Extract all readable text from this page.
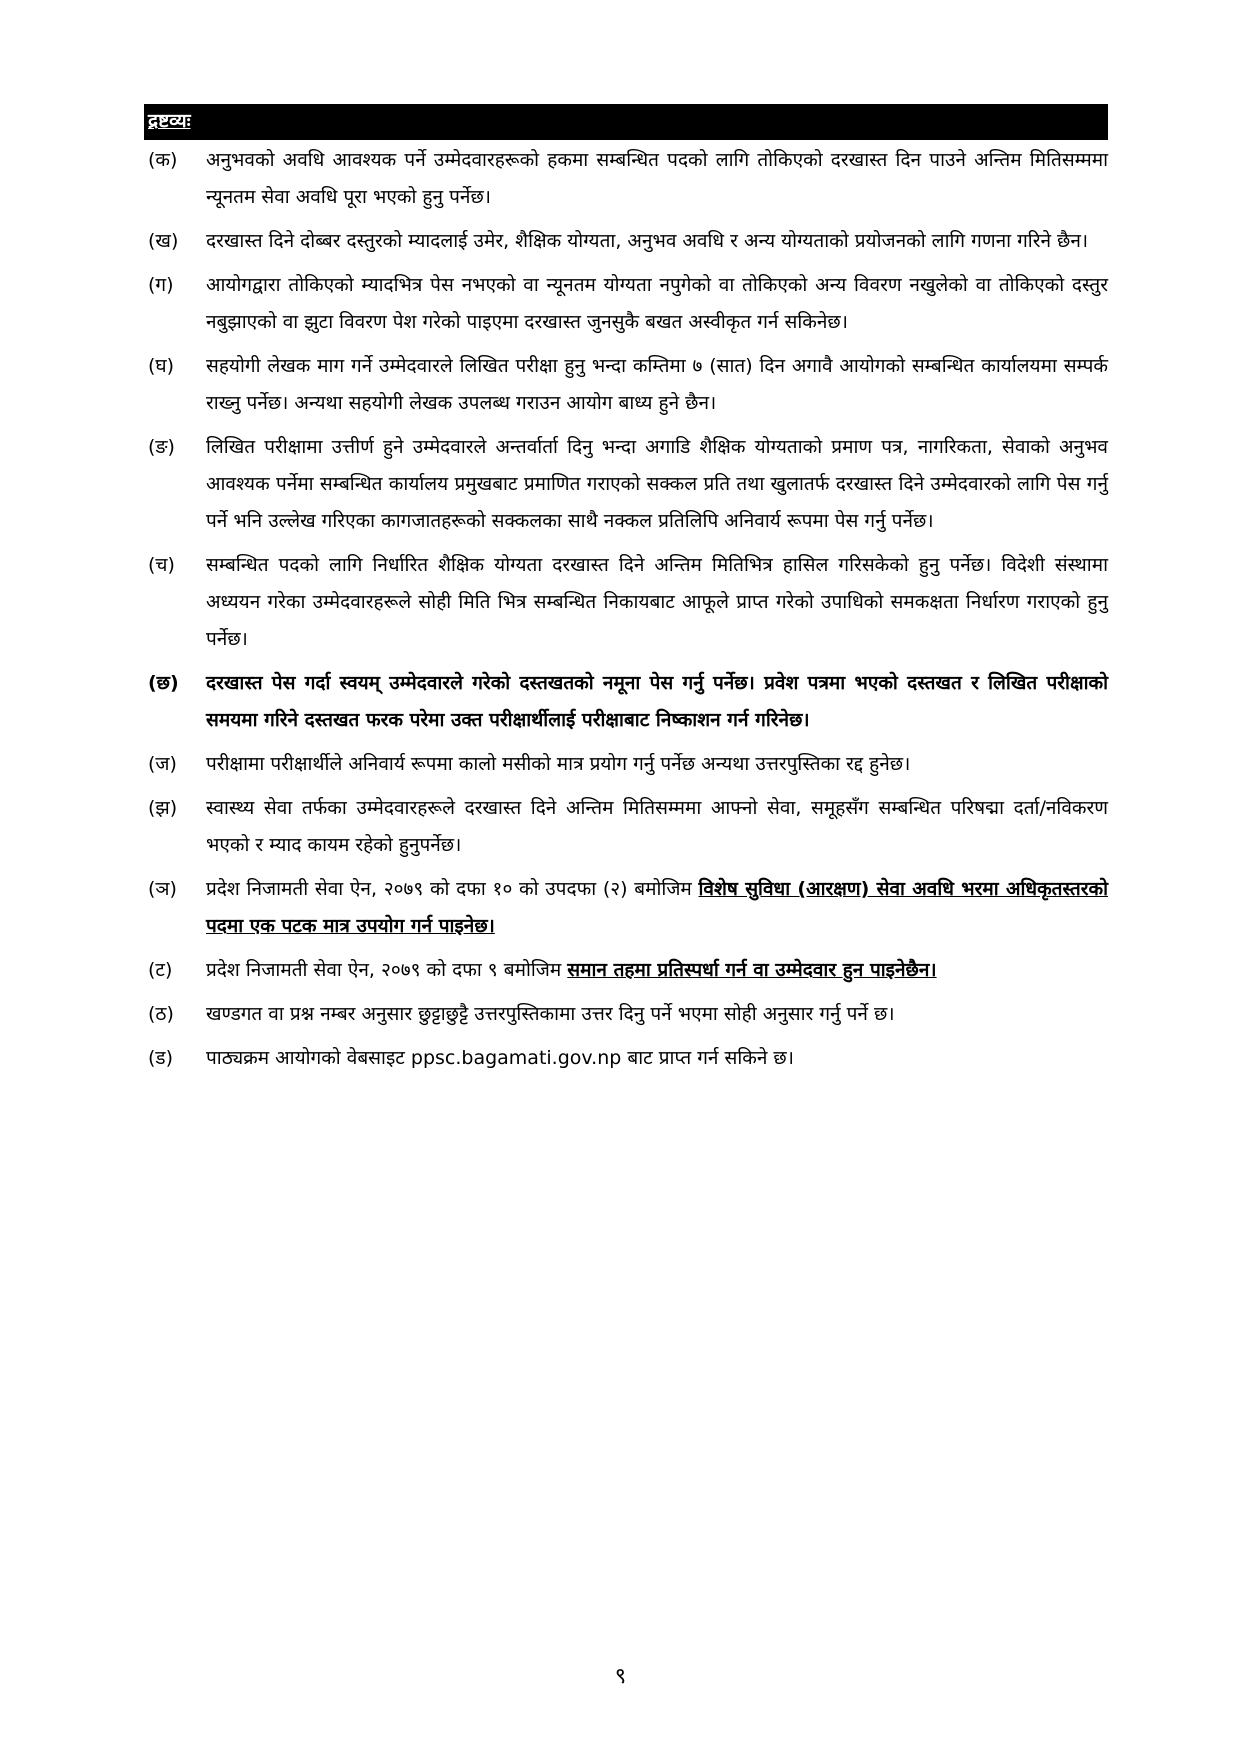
द्रष्टव्यः
(क)	अनुभवको अवधि आवश्यक पर्ने उम्मेदवारहरूको हकमा सम्बन्धित पदको लागि तोकिएको दरखास्त दिन पाउने अन्तिम मितिसम्ममा न्यूनतम सेवा अवधि पूरा भएको हुनु पर्नेछ।
(ख)	दरखास्त दिने दोब्बर दस्तुरको म्यादलाई उमेर, शैक्षिक योग्यता, अनुभव अवधि र अन्य योग्यताको प्रयोजनको लागि गणना गरिने छैन।
(ग)	आयोगद्वारा तोकिएको म्यादभित्र पेस नभएको वा न्यूनतम योग्यता नपुगेको वा तोकिएको अन्य विवरण नखुलेको वा तोकिएको दस्तुर नबुझाएको वा झुटा विवरण पेश गरेको पाइएमा दरखास्त जुनसुकै बखत अस्वीकृत गर्न सकिनेछ।
(घ)	सहयोगी लेखक माग गर्ने उम्मेदवारले लिखित परीक्षा हुनु भन्दा कम्तिमा ७ (सात) दिन अगावै आयोगको सम्बन्धित कार्यालयमा सम्पर्क राख्नु पर्नेछ। अन्यथा सहयोगी लेखक उपलब्ध गराउन आयोग बाध्य हुने छैन।
(ङ)	लिखित परीक्षामा उत्तीर्ण हुने उम्मेदवारले अन्तर्वार्ता दिनु भन्दा अगाडि शैक्षिक योग्यताको प्रमाण पत्र, नागरिकता, सेवाको अनुभव आवश्यक पर्नेमा सम्बन्धित कार्यालय प्रमुखबाट प्रमाणित गराएको सक्कल प्रति तथा खुलातर्फ दरखास्त दिने उम्मेदवारको लागि पेस गर्नु पर्ने भनि उल्लेख गरिएका कागजातहरूको सक्कलका साथै नक्कल प्रतिलिपि अनिवार्य रूपमा पेस गर्नु पर्नेछ।
(च)	सम्बन्धित पदको लागि निर्धारित शैक्षिक योग्यता दरखास्त दिने अन्तिम मितिभित्र हासिल गरिसकेको हुनु पर्नेछ। विदेशी संस्थामा अध्ययन गरेका उम्मेदवारहरूले सोही मिति भित्र सम्बन्धित निकायबाट आफूले प्राप्त गरेको उपाधिको समकक्षता निर्धारण गराएको हुनु पर्नेछ।
(छ)	दरखास्त पेस गर्दा स्वयम् उम्मेदवारले गरेको दस्तखतको नमूना पेस गर्नु पर्नेछ। प्रवेश पत्रमा भएको दस्तखत र लिखित परीक्षाको समयमा गरिने दस्तखत फरक परेमा उक्त परीक्षार्थीलाई परीक्षाबाट निष्काशन गर्न गरिनेछ।
(ज)	परीक्षामा परीक्षार्थीले अनिवार्य रूपमा कालो मसीको मात्र प्रयोग गर्नु पर्नेछ अन्यथा उत्तरपुस्तिका रद्द हुनेछ।
(झ)	स्वास्थ्य सेवा तर्फका उम्मेदवारहरूले दरखास्त दिने अन्तिम मितिसम्ममा आफ्नो सेवा, समूहसँग सम्बन्धित परिषद्मा दर्ता/नविकरण भएको र म्याद कायम रहेको हुनुपर्नेछ।
(ञ)	प्रदेश निजामती सेवा ऐन, २०७९ को दफा १० को उपदफा (२) बमोजिम विशेष सुविधा (आरक्षण) सेवा अवधि भरमा अधिकृतस्तरको पदमा एक पटक मात्र उपयोग गर्न पाइनेछ।
(ट)	प्रदेश निजामती सेवा ऐन, २०७९ को दफा ९ बमोजिम समान तहमा प्रतिस्पर्धा गर्न वा उम्मेदवार हुन पाइनेछैन।
(ठ)	खण्डगत वा प्रश्न नम्बर अनुसार छुट्टाछुट्टै उत्तरपुस्तिकामा उत्तर दिनु पर्ने भएमा सोही अनुसार गर्नु पर्ने छ।
(ड)	पाठ्यक्रम आयोगको वेबसाइट ppsc.bagamati.gov.np बाट प्राप्त गर्न सकिने छ।
९
